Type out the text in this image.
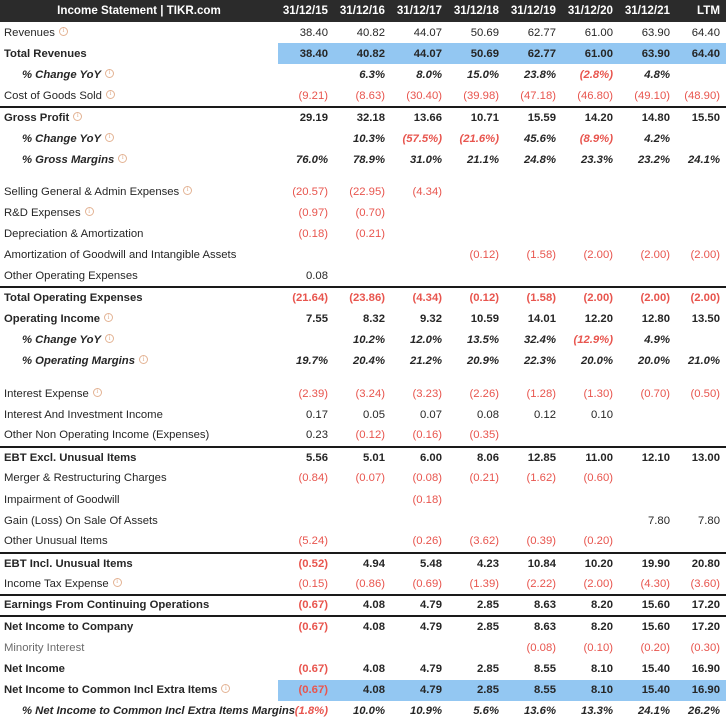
Income Statement | TIKR.com	31/12/15	31/12/16	31/12/17	31/12/18	31/12/19	31/12/20	31/12/21	LTM
Revenuesi	38.40	40.82	44.07	50.69	62.77	61.00	63.90	64.40
Total Revenues	38.40	40.82	44.07	50.69	62.77	61.00	63.90	64.40
% Change YoYi		6.3%	8.0%	15.0%	23.8%	(2.8%)	4.8%	
Cost of Goods Soldi	(9.21)	(8.63)	(30.40)	(39.98)	(47.18)	(46.80)	(49.10)	(48.90)
Gross Profiti	29.19	32.18	13.66	10.71	15.59	14.20	14.80	15.50
% Change YoYi		10.3%	(57.5%)	(21.6%)	45.6%	(8.9%)	4.2%	
% Gross Marginsi	76.0%	78.9%	31.0%	21.1%	24.8%	23.3%	23.2%	24.1%

Selling General & Admin Expensesi	(20.57)	(22.95)	(4.34)					
R&D Expensesi	(0.97)	(0.70)						
Depreciation & Amortization	(0.18)	(0.21)						
Amortization of Goodwill and Intangible Assets				(0.12)	(1.58)	(2.00)	(2.00)	(2.00)
Other Operating Expenses	0.08							
Total Operating Expenses	(21.64)	(23.86)	(4.34)	(0.12)	(1.58)	(2.00)	(2.00)	(2.00)
Operating Incomei	7.55	8.32	9.32	10.59	14.01	12.20	12.80	13.50
% Change YoYi		10.2%	12.0%	13.5%	32.4%	(12.9%)	4.9%	
% Operating Marginsi	19.7%	20.4%	21.2%	20.9%	22.3%	20.0%	20.0%	21.0%

Interest Expensei	(2.39)	(3.24)	(3.23)	(2.26)	(1.28)	(1.30)	(0.70)	(0.50)
Interest And Investment Income	0.17	0.05	0.07	0.08	0.12	0.10		
Other Non Operating Income (Expenses)	0.23	(0.12)	(0.16)	(0.35)				
EBT Excl. Unusual Items	5.56	5.01	6.00	8.06	12.85	11.00	12.10	13.00
Merger & Restructuring Charges	(0.84)	(0.07)	(0.08)	(0.21)	(1.62)	(0.60)		
Impairment of Goodwill			(0.18)					
Gain (Loss) On Sale Of Assets							7.80	7.80
Other Unusual Items	(5.24)		(0.26)	(3.62)	(0.39)	(0.20)		
EBT Incl. Unusual Items	(0.52)	4.94	5.48	4.23	10.84	10.20	19.90	20.80
Income Tax Expensei	(0.15)	(0.86)	(0.69)	(1.39)	(2.22)	(2.00)	(4.30)	(3.60)
Earnings From Continuing Operations	(0.67)	4.08	4.79	2.85	8.63	8.20	15.60	17.20
Net Income to Company	(0.67)	4.08	4.79	2.85	8.63	8.20	15.60	17.20
Minority Interest					(0.08)	(0.10)	(0.20)	(0.30)
Net Income	(0.67)	4.08	4.79	2.85	8.55	8.10	15.40	16.90
Net Income to Common Incl Extra Itemsi	(0.67)	4.08	4.79	2.85	8.55	8.10	15.40	16.90
% Net Income to Common Incl Extra Items Margins	(1.8%)	10.0%	10.9%	5.6%	13.6%	13.3%	24.1%	26.2%
